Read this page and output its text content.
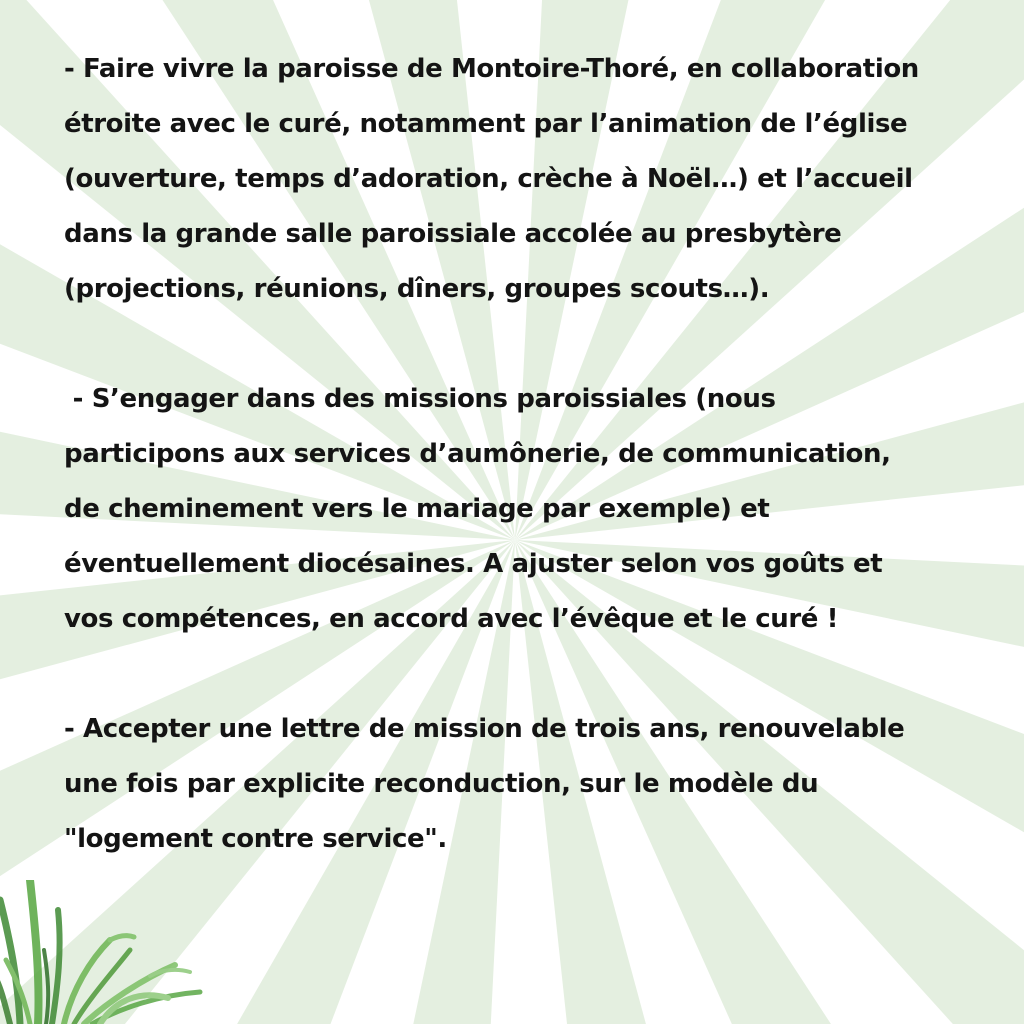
- Faire vivre la paroisse de Montoire-Thoré, en collaboration
étroite avec le curé, notamment par l’animation de l’église
(ouverture, temps d’adoration, crèche à Noël…) et l’accueil
dans la grande salle paroissiale accolée au presbytère
(projections, réunions, dîners, groupes scouts…).

- S’engager dans des missions paroissiales (nous
participons aux services d’aumônerie, de communication,
de cheminement vers le mariage par exemple) et
éventuellement diocésaines. A ajuster selon vos goûts et
vos compétences, en accord avec l’évêque et le curé !

- Accepter une lettre de mission de trois ans, renouvelable
une fois par explicite reconduction, sur le modèle du
"logement contre service".
